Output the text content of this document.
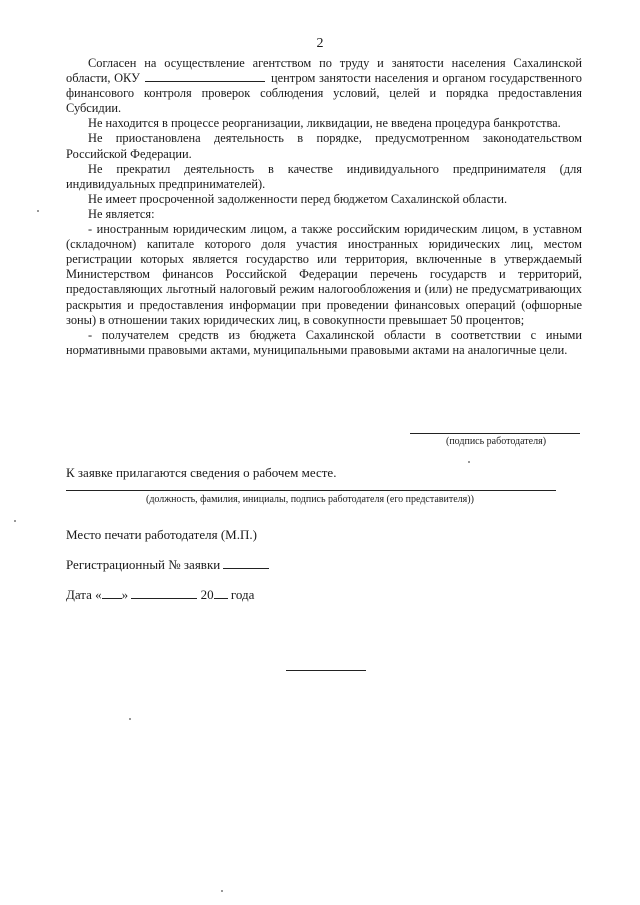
2

Согласен на осуществление агентством по труду и занятости населения Сахалинской области, ОКУ	центром занятости населения и органом государственного финансового контроля проверок соблюдения условий, целей и порядка предоставления Субсидии.

Не находится в процессе реорганизации, ликвидации, не введена процедура банкротства.

Не приостановлена деятельность в порядке, предусмотренном законодательством Российской Федерации.

Не прекратил деятельность в качестве индивидуального предпринимателя (для индивидуальных предпринимателей).

Не имеет просроченной задолженности перед бюджетом Сахалинской области.

Не является:

- иностранным юридическим лицом, а также российским юридическим лицом, в уставном (складочном) капитале которого доля участия иностранных юридических лиц, местом регистрации которых является государство или территория, включенные в утверждаемый Министерством финансов Российской Федерации перечень государств и территорий, предоставляющих льготный налоговый режим налогообложения и (или) не предусматривающих раскрытия и предоставления информации при проведении финансовых операций (офшорные зоны) в отношении таких юридических лиц, в совокупности превышает 50 процентов;

- получателем средств из бюджета Сахалинской области в соответствии с иными нормативными правовыми актами, муниципальными правовыми актами на аналогичные цели.

(подпись работодателя)
К заявке прилагаются сведения о рабочем месте.
(должность, фамилия, инициалы, подпись работодателя (его представителя))
Место печати работодателя (М.П.)
Регистрационный № заявки
Дата « »	20 года
